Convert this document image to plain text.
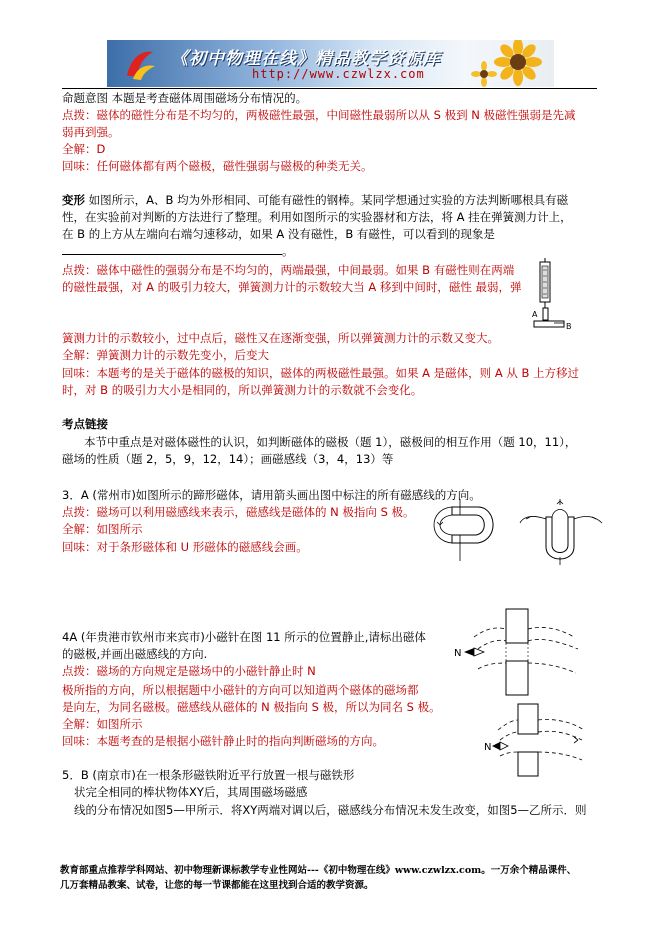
《初中物理在线》精品教学资源库
http://www.czwlzx.com
命题意图 本题是考查磁体周围磁场分布情况的。
点拨：磁体的磁性分布是不均匀的，两极磁性最强，中间磁性最弱所以从 S 极到 N 极磁性强弱是先减
弱再到强。
全解：D
回味：任何磁体都有两个磁极，磁性强弱与磁极的种类无关。
变形 如图所示，A、B 均为外形相同、可能有磁性的钢棒。某同学想通过实验的方法判断哪根具有磁
性，在实验前对判断的方法进行了整理。利用如图所示的实验器材和方法，将 A 挂在弹簧测力计上，
在 B 的上方从左端向右端匀速移动，如果 A 没有磁性，B 有磁性，可以看到的现象是
。
点拨：磁体中磁性的强弱分布是不均匀的，两端最强，中间最弱。如果 B 有磁性则在两端
的磁性最强，对 A 的吸引力较大，弹簧测力计的示数较大当 A 移到中间时，磁性 最弱，弹
簧测力计的示数较小，过中点后，磁性又在逐渐变强，所以弹簧测力计的示数又变大。
全解：弹簧测力计的示数先变小，后变大
回味：本题考的是关于磁体的磁极的知识，磁体的两极磁性最强。如果 A 是磁体，则 A 从 B 上方移过
时，对 B 的吸引力大小是相同的，所以弹簧测力计的示数就不会变化。
A
B
考点链接
本节中重点是对磁体磁性的认识，如判断磁体的磁极（题 1），磁极间的相互作用（题 10，11），
磁场的性质（题 2，5，9，12，14）；画磁感线（3，4，13）等
3．A (常州市)如图所示的蹄形磁体，请用箭头画出图中标注的所有磁感线的方向。
点拨：磁场可以利用磁感线来表示，磁感线是磁体的 N 极指向 S 极。
全解：如图所示
回味：对于条形磁体和 U 形磁体的磁感线会画。
4A (年贵港市钦州市来宾市)小磁针在图 11 所示的位置静止,请标出磁体
的磁极,并画出磁感线的方向.
点拨：磁场的方向规定是磁场中的小磁针静止时 N
极所指的方向，所以根据题中小磁针的方向可以知道两个磁体的磁场都
是向左，为同名磁极。磁感线从磁体的 N 极指向 S 极，所以为同名 S 极。
全解：如图所示
回味：本题考查的是根据小磁针静止时的指向判断磁场的方向。
N
N
5．B (南京市)在一根条形磁铁附近平行放置一根与磁铁形
状完全相同的棒状物体XY后，其周围磁场磁感
线的分布情况如图5—甲所示．将XY两端对调以后，磁感线分布情况未发生改变，如图5—乙所示．则
教育部重点推荐学科网站、初中物理新课标教学专业性网站---《初中物理在线》www.czwlzx.com。一万余个精品课件、
几万套精品教案、试卷，让您的每一节课都能在这里找到合适的教学资源。
